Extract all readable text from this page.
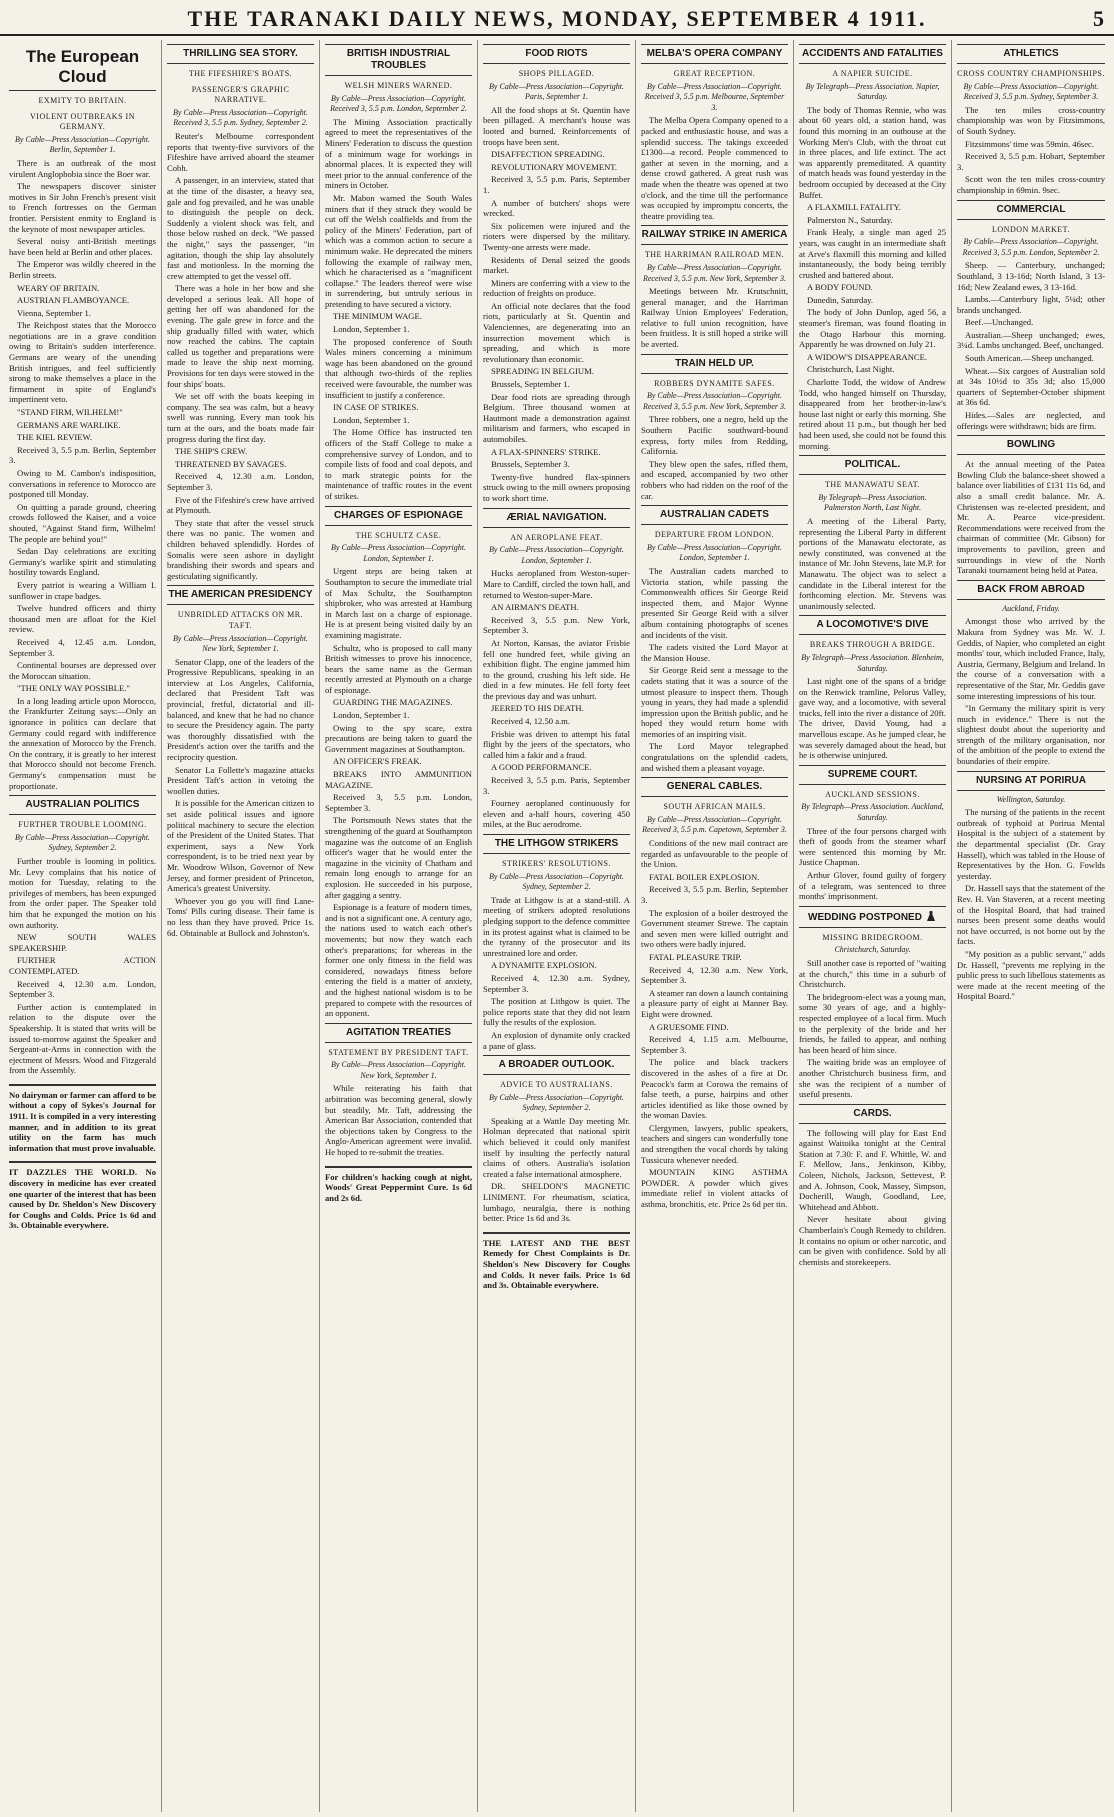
THE TARANAKI DAILY NEWS, MONDAY, SEPTEMBER 4 1911.	5
The European Cloud
EXMITY TO BRITAIN.
VIOLENT OUTBREAKS IN GERMANY.
By Cable—Press Association—Copyright. Berlin, September 1.

There is an outbreak of the most virulent Anglophobia since the Boer war.

The newspapers discover sinister motives in Sir John French's present visit to French fortresses on the German frontier. Persistent enmity to England is the keynote of most newspaper articles.

Several noisy anti-British meetings have been held at Berlin and other places.

The Emperor was wildly cheered in the Berlin streets.

WEARY OF BRITAIN.

AUSTRIAN FLAMBOYANCE.

Vienna, September 1.

The Reichpost states that the Morocco negotiations are in a grave condition owing to Britain's sudden interference. Germans are weary of the unending British intrigues, and feel sufficiently strong to make themselves a place in the firmament in spite of England's impertinent veto.

"STAND FIRM, WILHELM!"

GERMANS ARE WARLIKE.

THE KIEL REVIEW.

Received 3, 5.5 p.m. Berlin, September 3.

Owing to M. Cambon's indisposition, conversations in reference to Morocco are postponed till Monday.

On quitting a parade ground, cheering crowds followed the Kaiser, and a voice shouted, "Against Stand firm, Wilhelm! The people are behind you!"

Sedan Day celebrations are exciting Germany's warlike spirit and stimulating hostility towards England.

Every patriot is wearing a William I. sunflower in crape badges.

Twelve hundred officers and thirty thousand men are afloat for the Kiel review.

Received 4, 12.45 a.m. London, September 3.

Continental bourses are depressed over the Moroccan situation.

"THE ONLY WAY POSSIBLE."

In a long leading article upon Morocco, the Frankfurter Zeitung says:—Only an ignorance in politics can declare that Germany could regard with indifference the annexation of Morocco by the French. On the contrary, it is greatly to her interest that Morocco should not become French. Germany's compensation must be proportionate.

AUSTRALIAN POLITICS
FURTHER TROUBLE LOOMING.
By Cable—Press Association—Copyright. Sydney, September 2.

Further trouble is looming in politics. Mr. Levy complains that his notice of motion for Tuesday, relating to the privileges of members, has been expunged from the order paper. The Speaker told him that he expunged the motion on his own authority.

NEW SOUTH WALES SPEAKERSHIP.

FURTHER ACTION CONTEMPLATED.

Received 4, 12.30 a.m. London, September 3.

Further action is contemplated in relation to the dispute over the Speakership. It is stated that writs will be issued to-morrow against the Speaker and Sergeant-at-Arms in connection with the ejectment of Messrs. Wood and Fitzgerald from the Assembly.

No dairyman or farmer can afford to be without a copy of Sykes's Journal for 1911. It is compiled in a very interesting manner, and in addition to its great utility on the farm has much information that must prove invaluable.
IT DAZZLES THE WORLD. No discovery in medicine has ever created one quarter of the interest that has been caused by Dr. Sheldon's New Discovery for Coughs and Colds. Price 1s 6d and 3s. Obtainable everywhere.
THRILLING SEA STORY.
THE FIFESHIRE'S BOATS.
PASSENGER'S GRAPHIC NARRATIVE.
By Cable—Press Association—Copyright. Received 3, 5.5 p.m. Sydney, September 2.

Reuter's Melbourne correspondent reports that twenty-five survivors of the Fifeshire have arrived aboard the steamer Cobh.

A passenger, in an interview, stated that at the time of the disaster, a heavy sea, gale and fog prevailed, and he was unable to distinguish the people on deck. Suddenly a violent shock was felt, and those below rushed on deck. "We passed the night," says the passenger, "in agitation, though the ship lay absolutely fast and motionless. In the morning the crew attempted to get the vessel off.

There was a hole in her bow and she developed a serious leak. All hope of getting her off was abandoned for the evening. The gale grew in force and the ship gradually filled with water, which now reached the cabins. The captain called us together and preparations were made to leave the ship next morning. Provisions for ten days were stowed in the four ships' boats.

We set off with the boats keeping in company. The sea was calm, but a heavy swell was running. Every man took his turn at the oars, and the boats made fair progress during the first day.

THE SHIP'S CREW.

THREATENED BY SAVAGES.

Received 4, 12.30 a.m. London, September 3.

Five of the Fifeshire's crew have arrived at Plymouth.

They state that after the vessel struck there was no panic. The women and children behaved splendidly. Hordes of Somalis were seen ashore in daylight brandishing their swords and spears and gesticulating significantly.

THE AMERICAN PRESIDENCY
UNBRIDLED ATTACKS ON MR. TAFT.
By Cable—Press Association—Copyright. New York, September 1.

Senator Clapp, one of the leaders of the Progressive Republicans, speaking in an interview at Los Angeles, California, declared that President Taft was provincial, fretful, dictatorial and ill-balanced, and knew that he had no chance to secure the Presidency again. The party was thoroughly dissatisfied with the President's action over the tariffs and the reciprocity question.

Senator La Follette's magazine attacks President Taft's action in vetoing the woollen duties.

It is possible for the American citizen to set aside political issues and ignore political machinery to secure the election of the President of the United States. That experiment, says a New York correspondent, is to be tried next year by Mr. Woodrow Wilson, Governor of New Jersey, and former president of Princeton, America's greatest University.

Whoever you go you will find Lane-Toms' Pills curing disease. Their fame is no less than they have proved. Price 1s. 6d. Obtainable at Bullock and Johnston's.

BRITISH INDUSTRIAL TROUBLES
WELSH MINERS WARNED.
By Cable—Press Association—Copyright. Received 3, 5.5 p.m. London, September 2.

The Mining Association practically agreed to meet the representatives of the Miners' Federation to discuss the question of a minimum wage for workings in abnormal places. It is expected they will meet prior to the annual conference of the miners in October.

Mr. Mabon warned the South Wales miners that if they struck they would be cut off the Welsh coalfields and from the policy of the Miners' Federation, part of which was a common action to secure a minimum wake. He deprecated the miners following the example of railway men, which he characterised as a "magnificent collapse." The leaders thereof were wise in surrendering, but untruly serious in pretending to have secured a victory.

THE MINIMUM WAGE.

London, September 1.

The proposed conference of South Wales miners concerning a minimum wage has been abandoned on the ground that although two-thirds of the replies received were favourable, the number was insufficient to justify a conference.

IN CASE OF STRIKES.

London, September 1.

The Home Office has instructed ten officers of the Staff College to make a comprehensive survey of London, and to compile lists of food and coal depots, and to mark strategic points for the maintenance of traffic routes in the event of strikes.

CHARGES OF ESPIONAGE
THE SCHULTZ CASE.
By Cable—Press Association—Copyright. London, September 1.

Urgent steps are being taken at Southampton to secure the immediate trial of Max Schultz, the Southampton shipbroker, who was arrested at Hamburg in March last on a charge of espionage. He is at present being visited daily by an examining magistrate.

Schultz, who is proposed to call many British witnesses to prove his innocence, bears the same name as the German recently arrested at Plymouth on a charge of espionage.

GUARDING THE MAGAZINES.

London, September 1.

Owing to the spy scare, extra precautions are being taken to guard the Government magazines at Southampton.

AN OFFICER'S FREAK.

BREAKS INTO AMMUNITION MAGAZINE.

Received 3, 5.5 p.m. London, September 3.

The Portsmouth News states that the strengthening of the guard at Southampton magazine was the outcome of an English officer's wager that he would enter the magazine in the vicinity of Chatham and remain long enough to arrange for an explosion. He succeeded in his purpose, after gagging a sentry.

Espionage is a feature of modern times, and is not a significant one. A century ago, the nations used to watch each other's movements; but now they watch each other's preparations; for whereas in the former one only fitness in the field was considered, nowadays fitness before entering the field is a matter of anxiety, and the highest national wisdom is to be prepared to compete with the resources of an opponent.

AGITATION TREATIES
STATEMENT BY PRESIDENT TAFT.
By Cable—Press Association—Copyright. New York, September 1.

While reiterating his faith that arbitration was becoming general, slowly but steadily, Mr. Taft, addressing the American Bar Association, contended that the objections taken by Congress to the Anglo-American agreement were invalid. He hoped to re-submit the treaties.

For children's hacking cough at night, Woods' Great Peppermint Cure. 1s 6d and 2s 6d.
FOOD RIOTS
SHOPS PILLAGED.
By Cable—Press Association—Copyright. Paris, September 1.

All the food shops at St. Quentin have been pillaged. A merchant's house was looted and burned. Reinforcements of troops have been sent.

DISAFFECTION SPREADING.

REVOLUTIONARY MOVEMENT.

Received 3, 5.5 p.m. Paris, September 1.

A number of butchers' shops were wrecked.

Six policemen were injured and the rioters were dispersed by the military. Twenty-one arrests were made.

Residents of Denal seized the goods market.

Miners are conferring with a view to the reduction of freights on produce.

An official note declares that the food riots, particularly at St. Quentin and Valenciennes, are degenerating into an insurrection movement which is spreading, and which is more revolutionary than economic.

SPREADING IN BELGIUM.

Brussels, September 1.

Dear food riots are spreading through Belgium. Three thousand women at Hautmont made a demonstration against militarism and farmers, who escaped in automobiles.

A FLAX-SPINNERS' STRIKE.

Brussels, September 3.

Twenty-five hundred flax-spinners struck owing to the mill owners proposing to work short time.

ÆRIAL NAVIGATION.
AN AEROPLANE FEAT.
By Cable—Press Association—Copyright. London, September 1.

Hucks aeroplaned from Weston-super-Mare to Cardiff, circled the town hall, and returned to Weston-super-Mare.

AN AIRMAN'S DEATH.

Received 3, 5.5 p.m. New York, September 3.

At Norton, Kansas, the aviator Frisbie fell one hundred feet, while giving an exhibition flight. The engine jammed him to the ground, crushing his left side. He died in a few minutes. He fell forty feet the previous day and was unhurt.

JEERED TO HIS DEATH.

Received 4, 12.50 a.m.

Frisbie was driven to attempt his fatal flight by the jeers of the spectators, who called him a fakir and a fraud.

A GOOD PERFORMANCE.

Received 3, 5.5 p.m. Paris, September 3.

Fourney aeroplaned continuously for eleven and a-half hours, covering 450 miles, at the Buc aerodrome.

THE LITHGOW STRIKERS
STRIKERS' RESOLUTIONS.
By Cable—Press Association—Copyright. Sydney, September 2.

Trade at Lithgow is at a stand-still. A meeting of strikers adopted resolutions pledging support to the defence committee in its protest against what is claimed to be the tyranny of the prosecutor and its unrestrained lore and order.

A DYNAMITE EXPLOSION.

Received 4, 12.30 a.m. Sydney, September 3.

The position at Lithgow is quiet. The police reports state that they did not learn fully the results of the explosion.

An explosion of dynamite only cracked a pane of glass.

A BROADER OUTLOOK.
ADVICE TO AUSTRALIANS.
By Cable—Press Association—Copyright. Sydney, September 2.

Speaking at a Wattle Day meeting Mr. Holman deprecated that national spirit which believed it could only manifest itself by insulting the perfectly natural claims of others. Australia's isolation created a false international atmosphere.

DR. SHELDON'S MAGNETIC LINIMENT. For rheumatism, sciatica, lumbago, neuralgia, there is nothing better. Price 1s 6d and 3s.

THE LATEST AND THE BEST Remedy for Chest Complaints is Dr. Sheldon's New Discovery for Coughs and Colds. It never fails. Price 1s 6d and 3s. Obtainable everywhere.
MELBA'S OPERA COMPANY
GREAT RECEPTION.
By Cable—Press Association—Copyright. Received 3, 5.5 p.m. Melbourne, September 3.

The Melba Opera Company opened to a packed and enthusiastic house, and was a splendid success. The takings exceeded £1300—a record. People commenced to gather at seven in the morning, and a dense crowd gathered. A great rush was made when the theatre was opened at two o'clock, and the time till the performance was occupied by impromptu concerts, the theatre providing tea.

RAILWAY STRIKE IN AMERICA
THE HARRIMAN RAILROAD MEN.
By Cable—Press Association—Copyright. Received 3, 5.5 p.m. New York, September 3.

Meetings between Mr. Krutschnitt, general manager, and the Harriman Railway Union Employees' Federation, relative to full union recognition, have been fruitless. It is still hoped a strike will be averted.

TRAIN HELD UP.
ROBBERS DYNAMITE SAFES.
By Cable—Press Association—Copyright. Received 3, 5.5 p.m. New York, September 3.

Three robbers, one a negro, held up the Southern Pacific southward-bound express, forty miles from Redding, California.

They blew open the safes, rifled them, and escaped, accompanied by two other robbers who had ridden on the roof of the car.

AUSTRALIAN CADETS
DEPARTURE FROM LONDON.
By Cable—Press Association—Copyright. London, September 1.

The Australian cadets marched to Victoria station, while passing the Commonwealth offices Sir George Reid inspected them, and Major Wynne presented Sir George Reid with a silver album containing photographs of scenes and incidents of the visit.

The cadets visited the Lord Mayor at the Mansion House.

Sir George Reid sent a message to the cadets stating that it was a source of the utmost pleasure to inspect them. Though young in years, they had made a splendid impression upon the British public, and he hoped they would return home with memories of an inspiring visit.

The Lord Mayor telegraphed congratulations on the splendid cadets, and wished them a pleasant voyage.

GENERAL CABLES.
SOUTH AFRICAN MAILS.
By Cable—Press Association—Copyright. Received 3, 5.5 p.m. Capetown, September 3.

Conditions of the new mail contract are regarded as unfavourable to the people of the Union.

FATAL BOILER EXPLOSION.

Received 3, 5.5 p.m. Berlin, September 3.

The explosion of a boiler destroyed the Government steamer Strewe. The captain and seven men were killed outright and two others were badly injured.

FATAL PLEASURE TRIP.

Received 4, 12.30 a.m. New York, September 3.

A steamer ran down a launch containing a pleasure party of eight at Manner Bay. Eight were drowned.

A GRUESOME FIND.

Received 4, 1.15 a.m. Melbourne, September 3.

The police and black trackers discovered in the ashes of a fire at Dr. Peacock's farm at Corowa the remains of false teeth, a purse, hairpins and other articles identified as like those owned by the woman Davies.

Clergymen, lawyers, public speakers, teachers and singers can wonderfully tone and strengthen the vocal chords by taking Tussicura whenever needed.

MOUNTAIN KING ASTHMA POWDER. A powder which gives immediate relief in violent attacks of asthma, bronchitis, etc. Price 2s 6d per tin.

ACCIDENTS AND FATALITIES
A NAPIER SUICIDE.
By Telegraph—Press Association. Napier, Saturday.

The body of Thomas Rennie, who was about 60 years old, a station hand, was found this morning in an outhouse at the Working Men's Club, with the throat cut in three places, and life extinct. The act was apparently premeditated. A quantity of match heads was found yesterday in the bedroom occupied by deceased at the City Buffet.

A FLAXMILL FATALITY.

Palmerston N., Saturday.

Frank Healy, a single man aged 25 years, was caught in an intermediate shaft at Arve's flaxmill this morning and killed instantaneously, the body being terribly crushed and battered about.

A BODY FOUND.

Dunedin, Saturday.

The body of John Dunlop, aged 56, a steamer's fireman, was found floating in the Otago Harbour this morning. Apparently he was drowned on July 21.

A WIDOW'S DISAPPEARANCE.

Christchurch, Last Night.

Charlotte Todd, the widow of Andrew Todd, who hanged himself on Thursday, disappeared from her brother-in-law's house last night or early this morning. She retired about 11 p.m., but though her bed had been used, she could not be found this morning.

POLITICAL.
THE MANAWATU SEAT.
By Telegraph—Press Association. Palmerston North, Last Night.

A meeting of the Liberal Party, representing the Liberal Party in different portions of the Manawatu electorate, as newly constituted, was convened at the instance of Mr. John Stevens, late M.P. for Manawatu. The object was to select a candidate in the Liberal interest for the forthcoming election. Mr. Stevens was unanimously selected.

A LOCOMOTIVE'S DIVE
BREAKS THROUGH A BRIDGE.
By Telegraph—Press Association. Blenheim, Saturday.

Last night one of the spans of a bridge on the Renwick tramline, Pelorus Valley, gave way, and a locomotive, with several trucks, fell into the river a distance of 20ft. The driver, David Young, had a marvellous escape. As he jumped clear, he was severely damaged about the head, but he is otherwise uninjured.

SUPREME COURT.
AUCKLAND SESSIONS.
By Telegraph—Press Association. Auckland, Saturday.

Three of the four persons charged with theft of goods from the steamer wharf were sentenced this morning by Mr. Justice Chapman.

Arthur Glover, found guilty of forgery of a telegram, was sentenced to three months' imprisonment.

WEDDING POSTPONED
MISSING BRIDEGROOM.
Christchurch, Saturday.

Still another case is reported of "waiting at the church," this time in a suburb of Christchurch.

The bridegroom-elect was a young man, some 30 years of age, and a highly-respected employee of a local firm. Much to the perplexity of the bride and her friends, he failed to appear, and nothing has been heard of him since.

The waiting bride was an employee of another Christchurch business firm, and she was the recipient of a number of useful presents.

CARDS.

The following will play for East End against Waitoika tonight at the Central Station at 7.30: F. and F. Whittle, W. and F. Mellow, Jans., Jenkinson, Kibby, Coleen, Nichols, Jackson, Settevest, P. and A. Johnson, Cook, Massey, Simpson, Docherill, Waugh, Goodland, Lee, Whitehead and Abbott.

Never hesitate about giving Chamberlain's Cough Remedy to children. It contains no opium or other narcotic, and can be given with confidence. Sold by all chemists and storekeepers.

ATHLETICS
CROSS COUNTRY CHAMPIONSHIPS.
By Cable—Press Association—Copyright. Received 3, 5.5 p.m. Sydney, September 3.

The ten miles cross-country championship was won by Fitzsimmons, of South Sydney.

Fitzsimmons' time was 59min. 46sec.

Received 3, 5.5 p.m. Hobart, September 3.

Scott won the ten miles cross-country championship in 69min. 9sec.

COMMERCIAL
LONDON MARKET.
By Cable—Press Association—Copyright. Received 3, 5.5 p.m. London, September 2.

Sheep. — Canterbury, unchanged; Southland, 3 13-16d; North Island, 3 13-16d; New Zealand ewes, 3 13-16d.

Lambs.—Canterbury light, 5¼d; other brands unchanged.

Beef.—Unchanged.

Australian.—Sheep unchanged; ewes, 3¼d. Lambs unchanged. Beef, unchanged.

South American.—Sheep unchanged.

Wheat.—Six cargoes of Australian sold at 34s 10½d to 35s 3d; also 15,000 quarters of September-October shipment at 36s 6d.

Hides.—Sales are neglected, and offerings were withdrawn; bids are firm.

BOWLING

At the annual meeting of the Patea Bowling Club the balance-sheet showed a balance over liabilities of £131 11s 6d, and also a small credit balance. Mr. A. Christensen was re-elected president, and Mr. A. Pearce vice-president. Recommendations were received from the chairman of committee (Mr. Gibson) for improvements to pavilion, green and surroundings in view of the North Taranaki tournament being held at Patea.

BACK FROM ABROAD
Auckland, Friday.

Amongst those who arrived by the Makura from Sydney was Mr. W. J. Geddis, of Napier, who completed an eight months' tour, which included France, Italy, Austria, Germany, Belgium and Ireland. In the course of a conversation with a representative of the Star, Mr. Geddis gave some interesting impressions of his tour.

"In Germany the military spirit is very much in evidence." There is not the slightest doubt about the superiority and strength of the military organisation, nor of the ambition of the people to extend the boundaries of their empire.

NURSING AT PORIRUA
Wellington, Saturday.

The nursing of the patients in the recent outbreak of typhoid at Porirua Mental Hospital is the subject of a statement by the departmental specialist (Dr. Gray Hassell), which was tabled in the House of Representatives by the Hon. G. Fowlds yesterday.

Dr. Hassell says that the statement of the Rev. H. Van Staveren, at a recent meeting of the Hospital Board, that had trained nurses been present some deaths would not have occurred, is not borne out by the facts.

"My position as a public servant," adds Dr. Hassell, "prevents me replying in the public press to such libellous statements as were made at the recent meeting of the Hospital Board."
